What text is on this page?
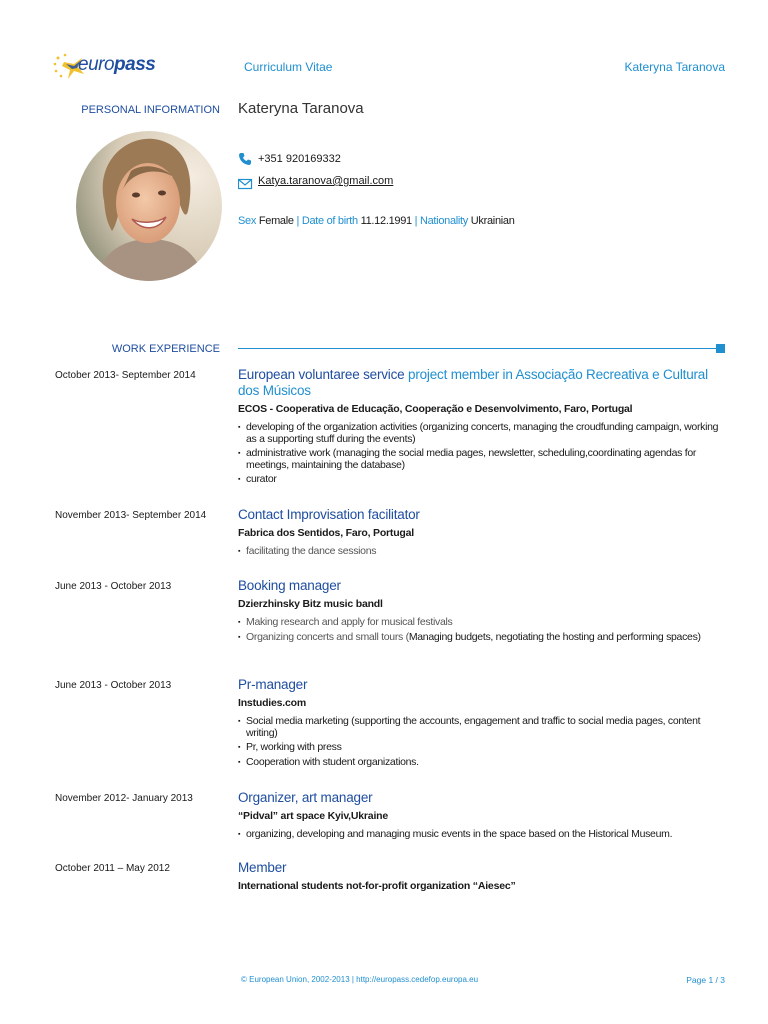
europass	Curriculum Vitae	Kateryna Taranova
PERSONAL INFORMATION Kateryna Taranova
+351 920169332
Katya.taranova@gmail.com
Sex Female | Date of birth 11.12.1991 | Nationality Ukrainian
WORK EXPERIENCE
October 2013- September 2014	European voluntaree service project member in Associação Recreativa e Cultural dos Músicos
ECOS - Cooperativa de Educação, Cooperação e Desenvolvimento, Faro, Portugal
▪ developing of the organization activities (organizing concerts, managing the croudfunding campaign, working as a supporting stuff during the events)
▪ administrative work (managing the social media pages, newsletter, scheduling,coordinating agendas for meetings, maintaining the database)
▪ curator
November 2013- September 2014 Contact Improvisation facilitator
Fabrica dos Sentidos, Faro, Portugal
▪ facilitating the dance sessions
June 2013 - October 2013	Booking manager
Dzierzhinsky Bitz music bandl
▪ Making research and apply for musical festivals
▪ Organizing concerts and small tours (Managing budgets, negotiating the hosting and performing spaces)
June 2013 - October 2013	Pr-manager
Instudies.com
▪ Social media marketing (supporting the accounts, engagement and traffic to social media pages, content writing)
▪ Pr, working with press
▪ Cooperation with student organizations.
November 2012- January 2013	Organizer, art manager
“Pidval” art space Kyiv,Ukraine
▪ organizing, developing and managing music events in the space based on the Historical Museum.
October 2011 – May 2012	Member
International students not-for-profit organization “Aiesec”
© European Union, 2002-2013 | http://europass.cedefop.europa.eu	Page 1 / 3
